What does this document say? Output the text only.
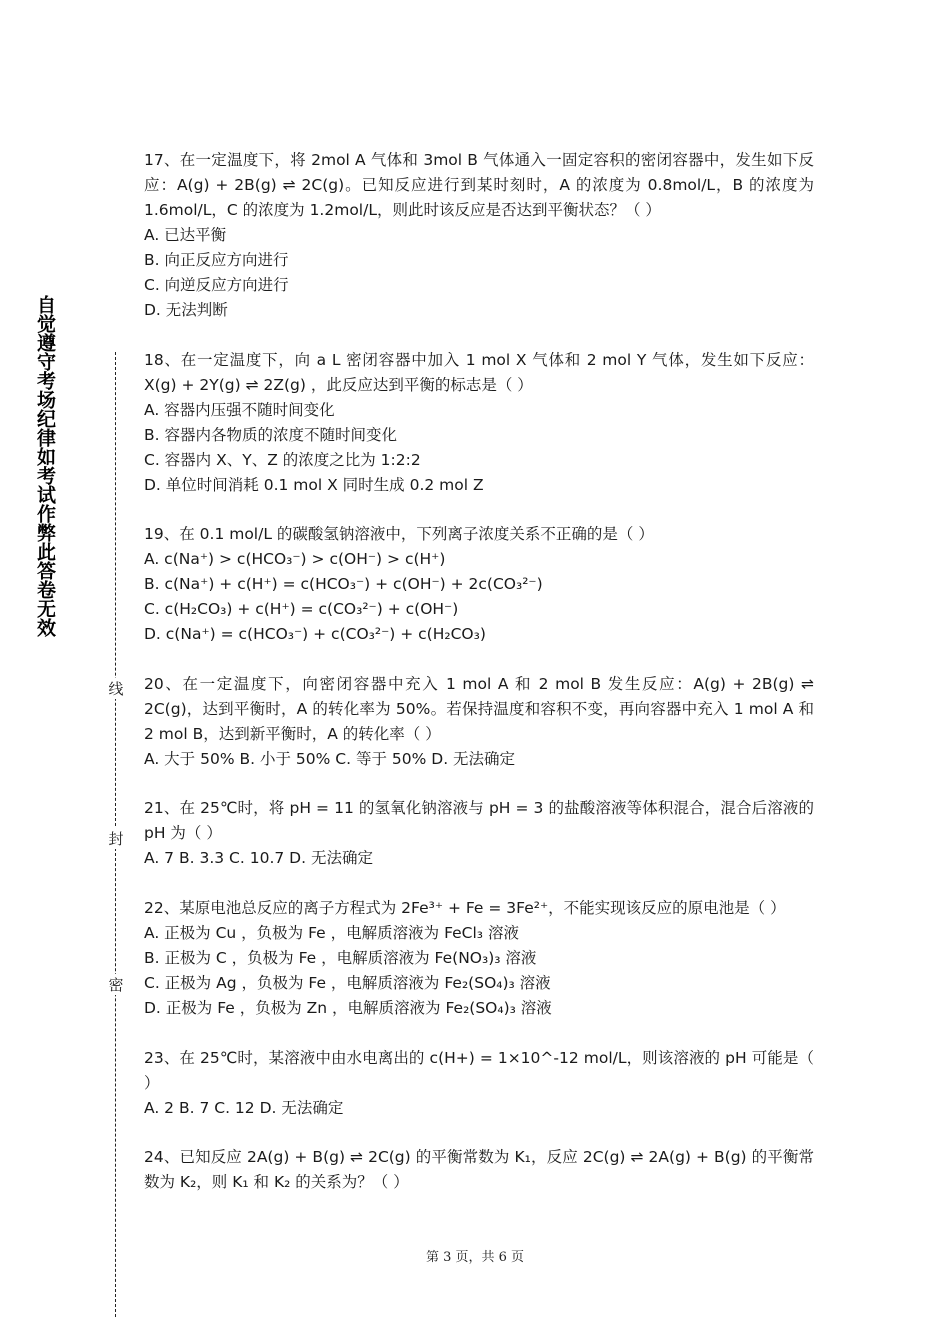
自觉遵守考场纪律如考试作弊此答卷无效
线
封
密

17、在一定温度下，将 2mol A 气体和 3mol B 气体通入一固定容积的密闭容器中，发生如下反应：A(g) + 2B(g) ⇌ 2C(g)。已知反应进行到某时刻时，A 的浓度为 0.8mol/L，B 的浓度为 1.6mol/L，C 的浓度为 1.2mol/L，则此时该反应是否达到平衡状态？（ ）

A. 已达平衡

B. 向正反应方向进行

C. 向逆反应方向进行

D. 无法判断

18、在一定温度下，向 a L 密闭容器中加入 1 mol X 气体和 2 mol Y 气体，发生如下反应：X(g) + 2Y(g) ⇌ 2Z(g) ，此反应达到平衡的标志是（ ）

A. 容器内压强不随时间变化

B. 容器内各物质的浓度不随时间变化

C. 容器内 X、Y、Z 的浓度之比为 1:2:2

D. 单位时间消耗 0.1 mol X 同时生成 0.2 mol Z

19、在 0.1 mol/L 的碳酸氢钠溶液中，下列离子浓度关系不正确的是（ ）

A. c(Na⁺) > c(HCO₃⁻) > c(OH⁻) > c(H⁺)

B. c(Na⁺) + c(H⁺) = c(HCO₃⁻) + c(OH⁻) + 2c(CO₃²⁻)

C. c(H₂CO₃) + c(H⁺) = c(CO₃²⁻) + c(OH⁻)

D. c(Na⁺) = c(HCO₃⁻) + c(CO₃²⁻) + c(H₂CO₃)

20、在一定温度下，向密闭容器中充入 1 mol A 和 2 mol B 发生反应：A(g) + 2B(g) ⇌ 2C(g)，达到平衡时，A 的转化率为 50%。若保持温度和容积不变，再向容器中充入 1 mol A 和 2 mol B，达到新平衡时，A 的转化率（ ）

A. 大于 50% B. 小于 50% C. 等于 50% D. 无法确定

21、在 25℃时，将 pH = 11 的氢氧化钠溶液与 pH = 3 的盐酸溶液等体积混合，混合后溶液的 pH 为（ ）

A. 7 B. 3.3 C. 10.7 D. 无法确定

22、某原电池总反应的离子方程式为 2Fe³⁺ + Fe = 3Fe²⁺，不能实现该反应的原电池是（ ）

A. 正极为 Cu ，负极为 Fe ，电解质溶液为 FeCl₃ 溶液

B. 正极为 C ，负极为 Fe ，电解质溶液为 Fe(NO₃)₃ 溶液

C. 正极为 Ag ，负极为 Fe ，电解质溶液为 Fe₂(SO₄)₃ 溶液

D. 正极为 Fe ，负极为 Zn ，电解质溶液为 Fe₂(SO₄)₃ 溶液

23、在 25℃时，某溶液中由水电离出的 c(H+) = 1×10^-12 mol/L，则该溶液的 pH 可能是（ ）

A. 2 B. 7 C. 12 D. 无法确定

24、已知反应 2A(g) + B(g) ⇌ 2C(g) 的平衡常数为 K₁，反应 2C(g) ⇌ 2A(g) + B(g) 的平衡常数为 K₂，则 K₁ 和 K₂ 的关系为？（ ）

第 3 页，共 6 页
